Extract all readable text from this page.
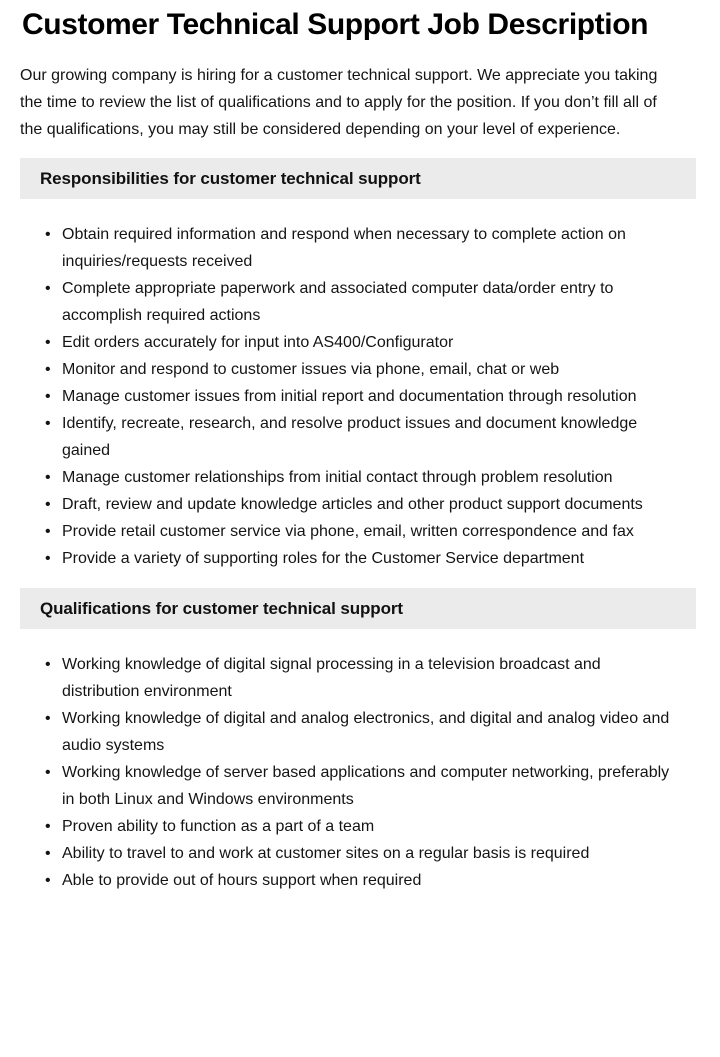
Customer Technical Support Job Description

Our growing company is hiring for a customer technical support. We appreciate you taking the time to review the list of qualifications and to apply for the position. If you don’t fill all of the qualifications, you may still be considered depending on your level of experience.

Responsibilities for customer technical support
• Obtain required information and respond when necessary to complete action on inquiries/requests received
• Complete appropriate paperwork and associated computer data/order entry to accomplish required actions
• Edit orders accurately for input into AS400/Configurator
• Monitor and respond to customer issues via phone, email, chat or web
• Manage customer issues from initial report and documentation through resolution
• Identify, recreate, research, and resolve product issues and document knowledge gained
• Manage customer relationships from initial contact through problem resolution
• Draft, review and update knowledge articles and other product support documents
• Provide retail customer service via phone, email, written correspondence and fax
• Provide a variety of supporting roles for the Customer Service department
Qualifications for customer technical support
• Working knowledge of digital signal processing in a television broadcast and distribution environment
• Working knowledge of digital and analog electronics, and digital and analog video and audio systems
• Working knowledge of server based applications and computer networking, preferably in both Linux and Windows environments
• Proven ability to function as a part of a team
• Ability to travel to and work at customer sites on a regular basis is required
• Able to provide out of hours support when required
